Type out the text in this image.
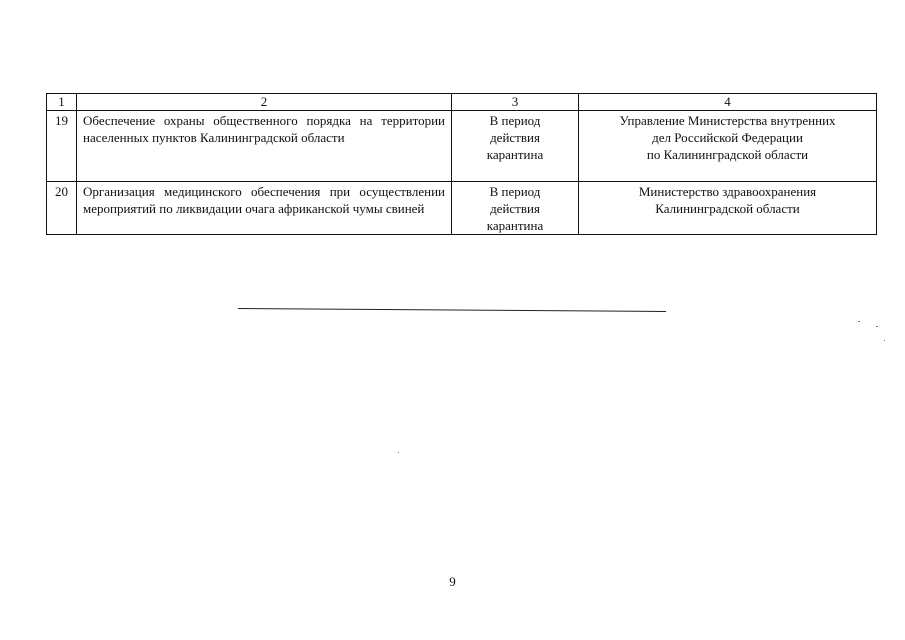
1	2	3	4
19	Обеспечение охраны общественного порядка на территории населенных пунктов Калининградской области	В период
действия
карантина	Управление Министерства внутренних
дел Российской Федерации
по Калининградской области

20	Организация медицинского обеспечения при осуществлении мероприятий по ликвидации очага африканской чумы свиней	В период
действия
карантина	Министерство здравоохранения
Калининградской области
9
